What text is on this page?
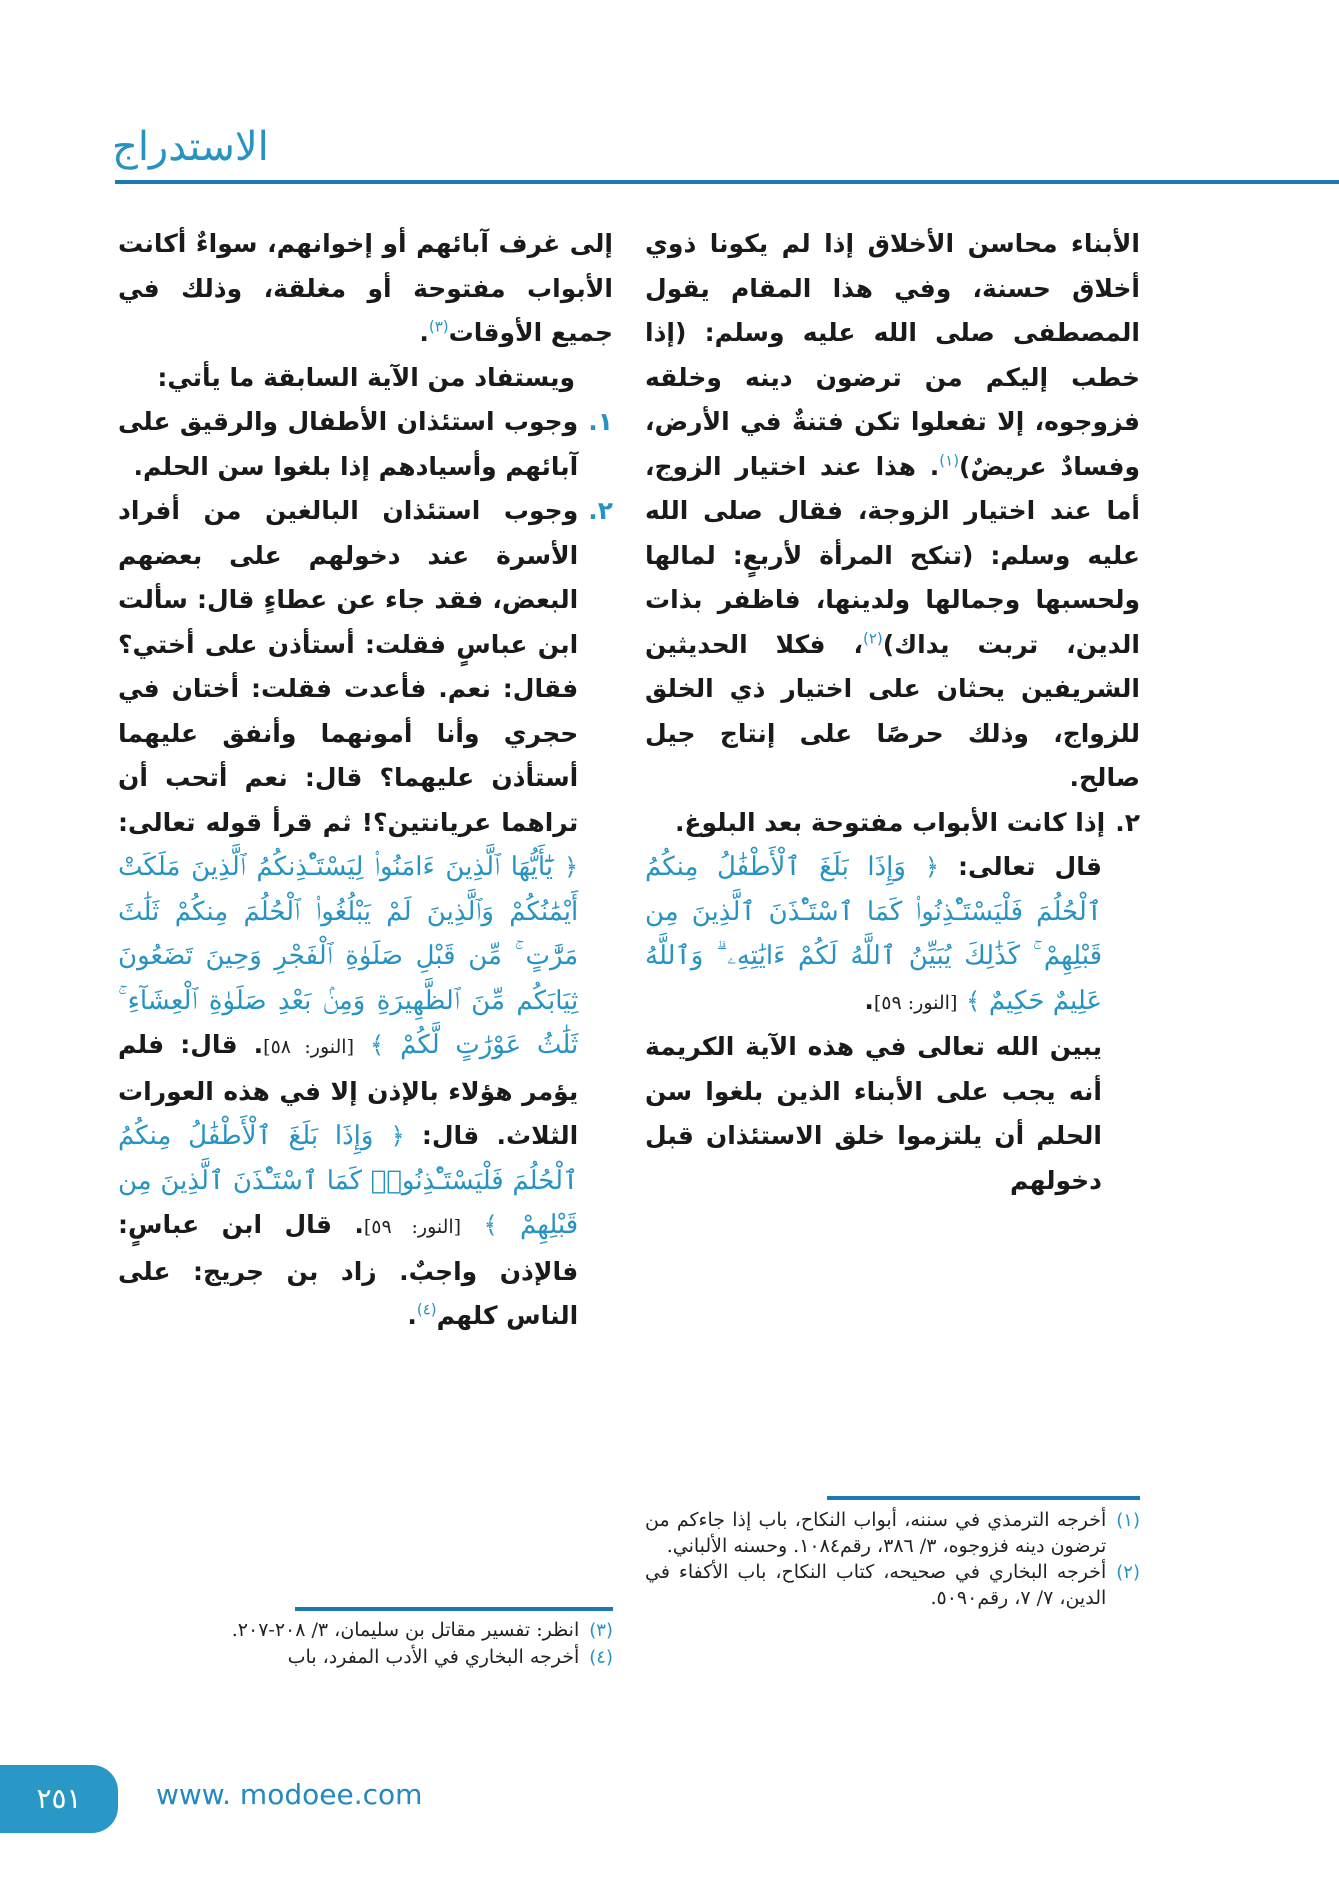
الاستدراج

الأبناء محاسن الأخلاق إذا لم يكونا ذوي أخلاق حسنة، وفي هذا المقام يقول المصطفى صلى الله عليه وسلم: (إذا خطب إليكم من ترضون دينه وخلقه فزوجوه، إلا تفعلوا تكن فتنةٌ في الأرض، وفسادٌ عريضٌ)$^{(١)}$. هذا عند اختيار الزوج، أما عند اختيار الزوجة، فقال صلى الله عليه وسلم: (تنكح المرأة لأربعٍ: لمالها ولحسبها وجمالها ولدينها، فاظفر بذات الدين، تربت يداك)$^{(٢)}$، فكلا الحديثين الشريفين يحثان على اختيار ذي الخلق للزواج، وذلك حرصًا على إنتاج جيل صالح.

٢.
إذا كانت الأبواب مفتوحة بعد البلوغ.

قال تعالى: ﴿ وَإِذَا بَلَغَ ٱلْأَطْفَٰلُ مِنكُمُ ٱلْحُلُمَ فَلْيَسْتَـْٔذِنُوا۟ كَمَا ٱسْتَـْٔذَنَ ٱلَّذِينَ مِن قَبْلِهِمْ ۚ كَذَٰلِكَ يُبَيِّنُ ٱللَّهُ لَكُمْ ءَايَٰتِهِۦ ۗ وَٱللَّهُ عَلِيمٌ حَكِيمٌ ﴾ [النور: ٥٩].

يبين الله تعالى في هذه الآية الكريمة أنه يجب على الأبناء الذين بلغوا سن الحلم أن يلتزموا خلق الاستئذان قبل دخولهم

إلى غرف آبائهم أو إخوانهم، سواءٌ أكانت الأبواب مفتوحة أو مغلقة، وذلك في جميع الأوقات$^{(٣)}$.

ويستفاد من الآية السابقة ما يأتي:

١.
وجوب استئذان الأطفال والرقيق على آبائهم وأسيادهم إذا بلغوا سن الحلم.

٢.
وجوب استئذان البالغين من أفراد الأسرة عند دخولهم على بعضهم البعض، فقد جاء عن عطاءٍ قال: سألت ابن عباسٍ فقلت: أستأذن على أختي؟ فقال: نعم. فأعدت فقلت: أختان في حجري وأنا أمونهما وأنفق عليهما أستأذن عليهما؟ قال: نعم أتحب أن تراهما عريانتين؟! ثم قرأ قوله تعالى: ﴿ يَٰٓأَيُّهَا ٱلَّذِينَ ءَامَنُوا۟ لِيَسْتَـْٔذِنكُمُ ٱلَّذِينَ مَلَكَتْ أَيْمَٰنُكُمْ وَٱلَّذِينَ لَمْ يَبْلُغُوا۟ ٱلْحُلُمَ مِنكُمْ ثَلَٰثَ مَرَّٰتٍ ۚ مِّن قَبْلِ صَلَوٰةِ ٱلْفَجْرِ وَحِينَ تَضَعُونَ ثِيَابَكُم مِّنَ ٱلظَّهِيرَةِ وَمِنۢ بَعْدِ صَلَوٰةِ ٱلْعِشَآءِ ۚ ثَلَٰثُ عَوْرَٰتٍ لَّكُمْ ﴾ [النور: ٥٨]. قال: فلم يؤمر هؤلاء بالإذن إلا في هذه العورات الثلاث. قال: ﴿ وَإِذَا بَلَغَ ٱلْأَطْفَٰلُ مِنكُمُ ٱلْحُلُمَ فَلْيَسْتَـْٔذِنُوا۟ كَمَا ٱسْتَـْٔذَنَ ٱلَّذِينَ مِن قَبْلِهِمْ ﴾ [النور: ٥٩]. قال ابن عباسٍ: فالإذن واجبٌ. زاد بن جريج: على الناس كلهم$^{(٤)}$.

(١)
أخرجه الترمذي في سننه، أبواب النكاح، باب إذا جاءكم من ترضون دينه فزوجوه، ٣/ ٣٨٦، رقم١٠٨٤. وحسنه الألباني.
(٢)
أخرجه البخاري في صحيحه، كتاب النكاح، باب الأكفاء في الدين، ٧/ ٧، رقم٥٠٩٠.
(٣)
انظر: تفسير مقاتل بن سليمان، ٣/ ٢٠٨-٢٠٧.
(٤)
أخرجه البخاري في الأدب المفرد، باب
٢٥١	www. modoee.com
